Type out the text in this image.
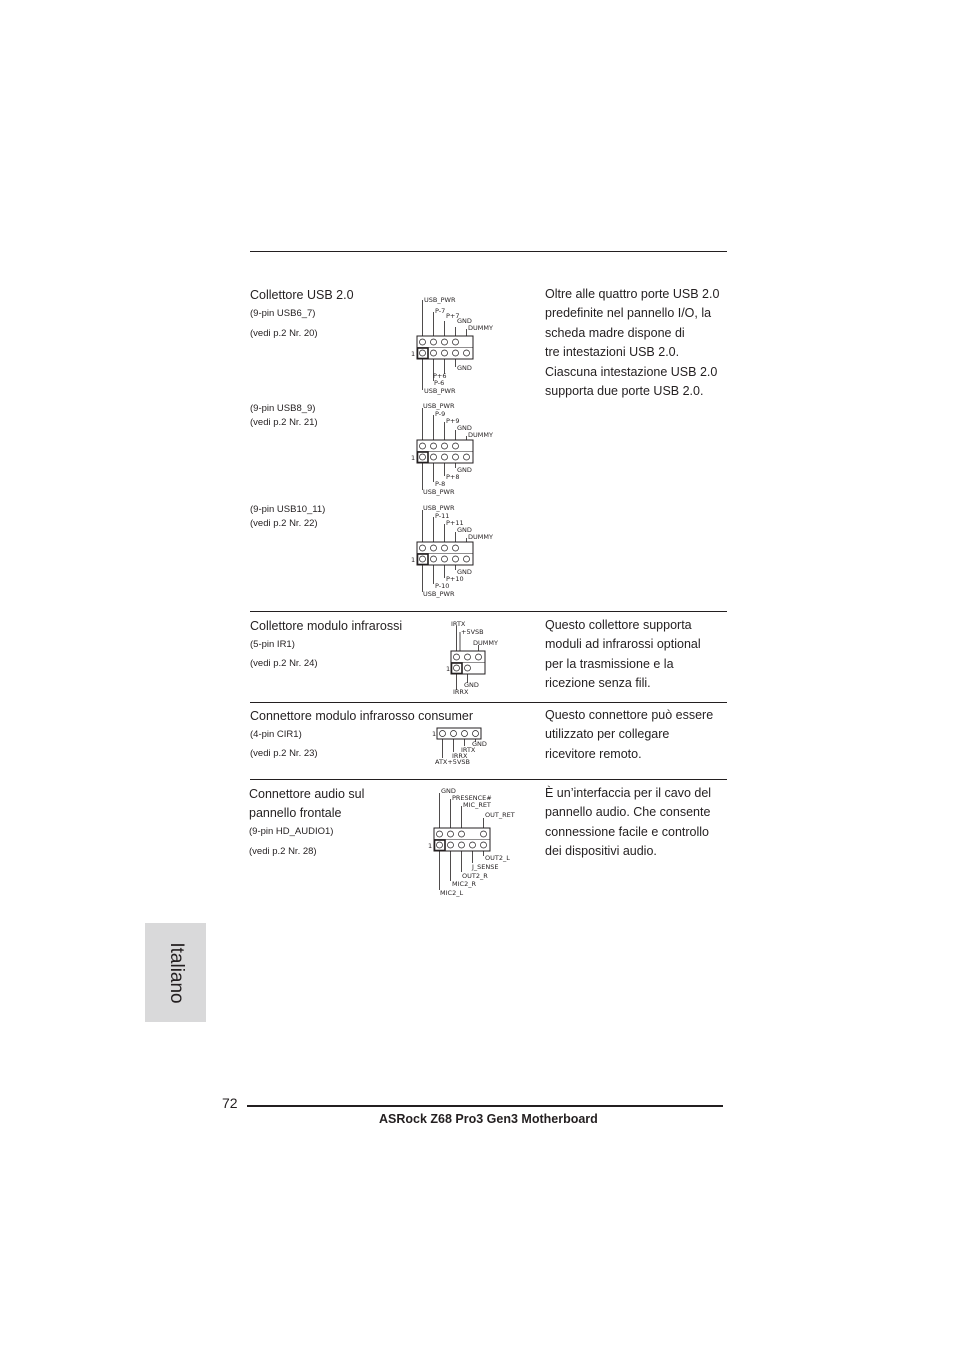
Collettore USB 2.0
(9-pin USB6_7)
(vedi p.2 Nr. 20)
(9-pin USB8_9)
(vedi p.2 Nr. 21)
(9-pin USB10_11)
(vedi p.2 Nr. 22)
Oltre alle quattro porte USB 2.0
predefinite nel pannello I/O, la
scheda madre dispone di
tre intestazioni USB 2.0.
Ciascuna intestazione USB 2.0
supporta due porte USB 2.0.
USB_PWR
P-7
P+7
GND
DUMMY
GND
P+6
P-6
USB_PWR
1
USB_PWR
P-9
P+9
GND
DUMMY
GND
P+8
P-8
USB_PWR
1
USB_PWR
P-11
P+11
GND
DUMMY
GND
P+10
P-10
USB_PWR
1
Collettore modulo infrarossi
(5-pin IR1)
(vedi p.2 Nr. 24)
Questo collettore supporta
moduli ad infrarossi optional
per la trasmissione e la
ricezione senza fili.
IRTX
+5VSB
DUMMY
GND
IRRX
1
Connettore modulo infrarosso consumer
(4-pin CIR1)
(vedi p.2 Nr. 23)
Questo connettore può essere
utilizzato per collegare
ricevitore remoto.
GND
IRTX
IRRX
ATX+5VSB
1
Connettore audio sul
pannello frontale
(9-pin HD_AUDIO1)
(vedi p.2 Nr. 28)
È un’interfaccia per il cavo del
pannello audio. Che consente
connessione facile e controllo
dei dispositivi audio.
GND
PRESENCE#
MIC_RET
OUT_RET
OUT2_L
J_SENSE
OUT2_R
MIC2_R
MIC2_L
1
Italiano
72
ASRock Z68 Pro3 Gen3 Motherboard
